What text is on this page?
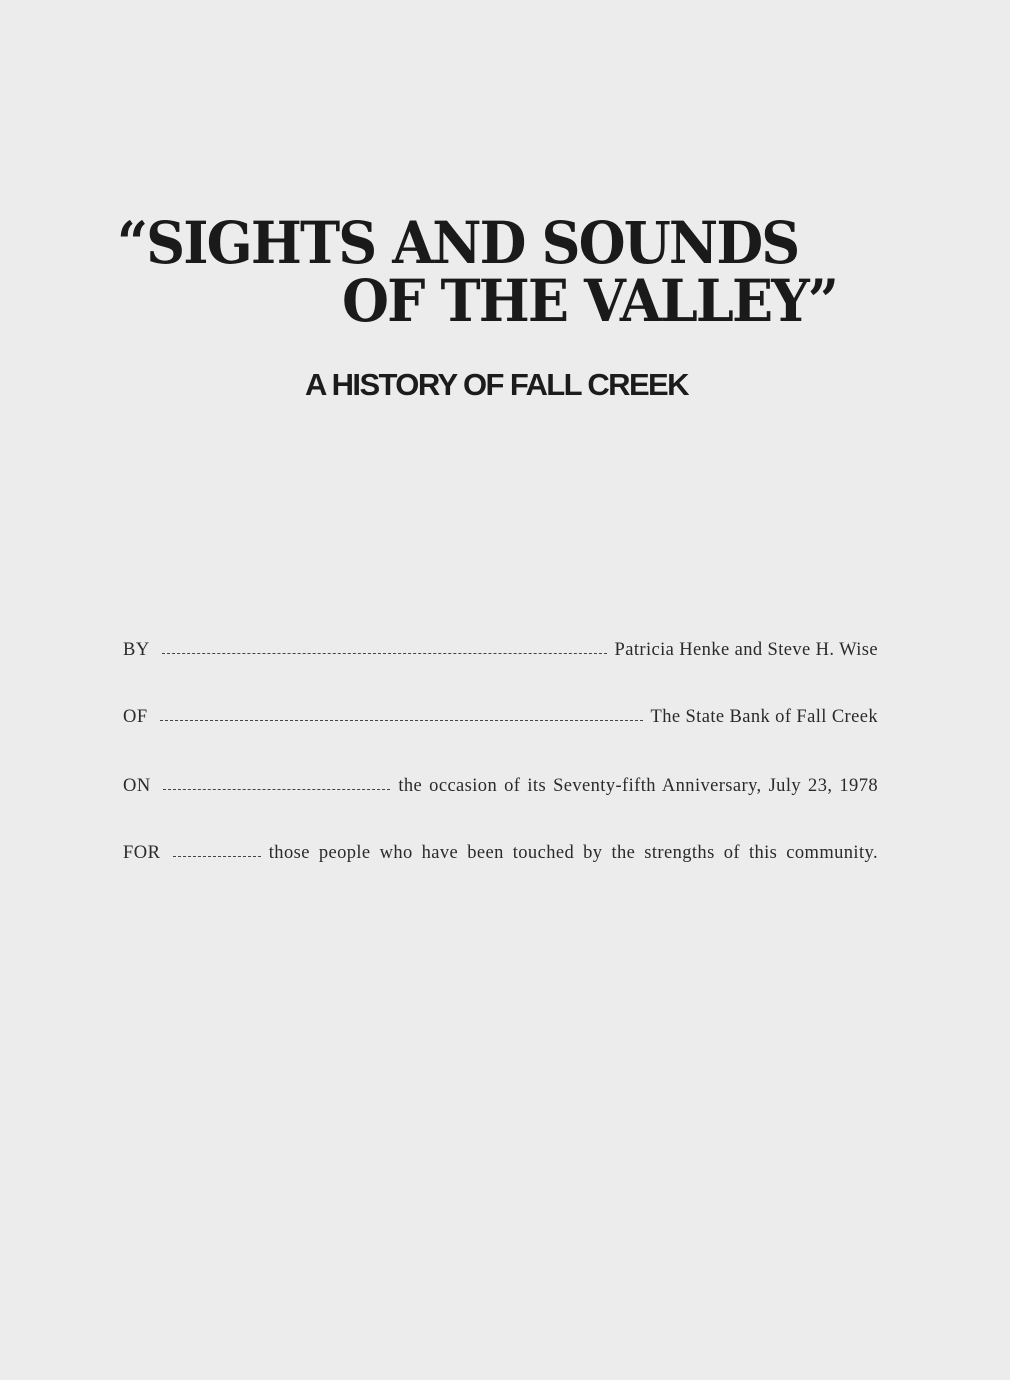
“SIGHTS AND SOUNDS
OF THE VALLEY”
A HISTORY OF FALL CREEK
BY	Patricia Henke and Steve H. Wise
OF	The State Bank of Fall Creek
ON	the occasion of its Seventy-fifth Anniversary, July 23, 1978
FOR	those people who have been touched by the strengths of this community.
